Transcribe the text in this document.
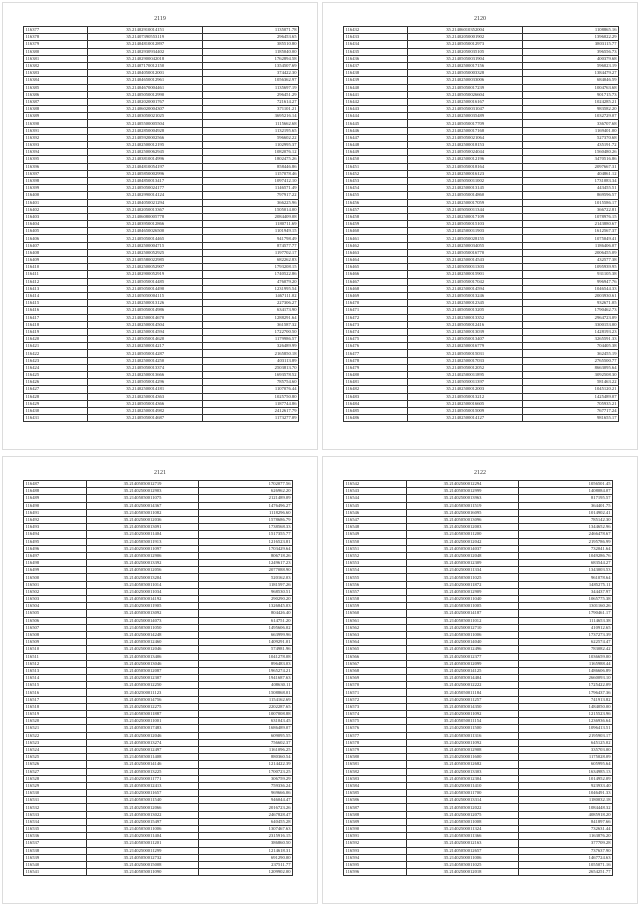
2119
116377	35.21402910014151	1135071.78
116378	35.21407390553119	296453.65
116379	35.21404810012897	385510.80
116380	35.21402930934402	1185040.00
116381	35.21402900042018	1762894.58
116382	35.21407170012150	1354507.69
116383	35.21404050012001	374422.30
116384	35.21404650012961	1056362.97
116385	35.21404670004461	1135697.19
116386	35.21405050012990	296451.29
116387	35.21402020001767	721614.27
116388	35.21406020004307	371101.21
116389	35.21403050021025	3695216.14
116390	35.21405500005504	1115662.68
116391	35.21402850004928	1132195.65
116392	35.21405920002566	596602.22
116393	35.21402500012195	1102995.37
116394	35.21402500062945	1082076.12
116395	35.21403810014996	1802475.26
116396	35.21404810054197	858446.86
116397	35.21405850002996	1157078.46
116398	35.21404850013417	1097412.10
116399	35.21405050024177	1146571.49
116400	35.21402990014124	797917.22
116401	35.21404050021294	366225.96
116402	35.21402050013367	1505014.00
116403	35.21406080005778	2084409.08
116404	35.21403950012866	1180711.69
116405	35.21404650026500	1101949.15
116406	35.21405050014465	941798.49
116407	35.21402500004715	874577.77
116408	35.21402500052925	1197702.17
116409	35.21405580022985	682262.83
116410	35.21402500052907	1793208.15
116411	35.21402900052919	1740522.86
116412	35.21405050014485	476079.20
116413	35.21405050014490	1231995.54
116414	35.21405050004115	1467111.02
116415	35.21402500013126	227306.27
116416	35.21405050014986	634173.90
116417	35.21402500014670	1288291.64
116418	35.21402500014504	361587.32
116419	35.21402500014594	1722700.50
116420	35.21405050014620	1179986.57
116421	35.21402500014217	326489.99
116422	35.21405050014287	2165850.18
116423	35.21402500014250	403113.89
116424	35.21405050013374	2503813.70
116425	35.21402500013666	1693578.52
116426	35.21405050014296	785754.60
116427	35.21402500014181	1107076.44
116428	35.21402500014363	1025750.80
116429	35.21405050014366	1187744.86
116430	35.21402500014982	2412617.79
116431	35.21405050014687	1173277.09
2120
116432	35.21406010352004	1108865.16
116433	35.21402050001902	1396022.29
116434	35.21405050012973	3803115.77
116435	35.21402050035105	396556.73
116436	35.21405050031904	400379.68
116437	35.21402500017156	596023.19
116438	35.21405050003328	1384479.27
116439	35.21402500033006	684046.59
116440	35.21405050017239	1004763.68
116441	35.21405050026604	901715.73
116442	35.21402500016167	1024285.21
116443	35.21405050031047	983582.20
116444	35.21402500035489	1032729.07
116445	35.21405050017709	336707.68
116446	35.21402500017168	1169401.00
116447	35.21405050021064	527370.68
116448	35.21402500018153	435191.72
116449	35.21405050024044	1560480.26
116450	35.21402500012196	3470516.86
116451	35.21405050018164	2097667.31
116452	35.21402500016123	404861.12
116453	35.21405050011002	1731083.34
116454	35.21402500013145	443455.51
116455	35.21405050014860	869596.57
116456	35.21402500017059	1015586.17
116457	35.21405050011344	366722.81
116458	35.21402500017109	1078976.15
116459	35.21405050015103	2143880.67
116460	35.21402500011903	1612567.37
116461	35.21405050028155	1075049.41
116462	35.21402500034055	1186406.07
116463	35.21405050016770	2006455.09
116464	35.21402500014543	432577.38
116465	35.21405050011303	1095939.95
116466	35.21402500015901	931105.38
116467	35.21405050017042	996947.76
116468	35.21402500014594	1046544.33
116469	35.21405050013246	2003930.61
116470	35.21402500012345	932671.05
116471	35.21405050013205	1790462.73
116472	35.21402500013352	2964723.09
116473	35.21405050012416	3300153.00
116474	35.21402500013039	1428193.23
116475	35.21405050013407	3265591.33
116476	35.21402500016779	704405.38
116477	35.21405050015031	362455.19
116478	35.21402500017033	2765500.77
116479	35.21405050012052	8663095.64
116480	35.21402500011895	3092508.30
116481	35.21405050011397	581463.22
116482	35.21402500012003	1045120.21
116483	35.21405050013212	1425489.07
116484	35.21402500016605	705935.21
116485	35.21405050015009	767717.24
116486	35.21402500014127	981655.17
2121
116487	35.21405050012719	1702077.56
116488	35.21402500012903	626962.20
116489	35.21405050011075	2121489.09
116490	35.21402500014367	1476496.27
116491	35.21405050011082	1118296.60
116492	35.21402500012036	1578686.79
116493	35.21405050013091	1738568.33
116494	35.21402500011404	1517355.77
116495	35.21405050011913	1216523.81
116496	35.21402500011097	1703429.64
116497	35.21405050012906	806718.26
116498	35.21402500013392	1249617.23
116499	35.21405050012056	2077088.90
116500	35.21402500013204	520162.03
116501	35.21405050011014	1181597.26
116502	35.21402500011034	968530.51
116503	35.21405050014192	290290.20
116504	35.21402500011905	1326845.03
116505	35.21405050013092	804426.40
116506	35.21402500014073	614751.20
116507	35.21405050011050	1495606.02
116508	35.21402500014248	663999.96
116509	35.21405050012460	1409291.01
116510	35.21402500012046	574981.96
116511	35.21405050013406	1041278.08
116512	35.21402500013046	896483.03
116513	35.21405050012087	1965274.21
116514	35.21402500012307	1941687.63
116515	35.21405050012250	408630.11
116516	35.21402500011123	1508868.01
116517	35.21405050014756	1154162.69
116518	35.21402500012275	2202287.65
116519	35.21405050011887	1007008.88
116520	35.21402500011001	631043.45
116521	35.21405050017483	1686489.07
116522	35.21402500012046	609095.55
116523	35.21405050013274	756602.37
116524	35.21402500012497	1161096.25
116525	35.21405050011408	880360.54
116526	35.21402500014146	1214422.39
116527	35.21405050013225	1700723.25
116528	35.21402500011771	306759.29
116529	35.21405050012413	759336.24
116530	35.21402500011657	969666.06
116531	35.21405050011540	946044.47
116532	35.21402500012066	2016723.26
116533	35.21405050013022	2467828.47
116534	35.21402500015497	640455.28
116535	35.21405050011006	1307467.63
116536	35.21402500011404	2315916.15
116537	35.21405050011201	386860.50
116538	35.21402500011299	1214618.31
116539	35.21405050012732	691290.00
116540	35.21402500015008	237511.77
116541	35.21405050011090	1209902.00
2122
116542	35.21402500012294	1056501.45
116543	35.21405050012999	1408084.07
116544	35.21402500013963	817195.57
116545	35.21405050011519	364401.75
116546	35.21402500016095	1014902.41
116547	35.21405050013096	785142.30
116548	35.21402500012003	1344652.96
116549	35.21405050011200	2466478.67
116550	35.21402500012042	2195786.99
116551	35.21405050014037	732041.64
116552	35.21402500012048	1049286.76
116553	35.21405050012309	683544.27
116554	35.21402500011334	1343003.53
116555	35.21405050011025	961078.64
116556	35.21402500011872	1485275.11
116557	35.21405050012909	344437.97
116558	35.21402500011040	1065775.38
116559	35.21405050011005	1301160.26
116560	35.21402500014187	1790461.17
116561	35.21405050011012	1114653.38
116562	35.21402500012710	410912.65
116563	35.21405050011006	1737273.39
116564	35.21402500014040	622574.47
116565	35.21405050012496	783082.42
116566	35.21402500012377	1036659.00
116567	35.21405050012099	1165988.44
116568	35.21402500014125	1486606.89
116569	35.21405050014404	2660093.10
116570	35.21402500012222	1725422.09
116571	35.21405050011184	1796437.36
116572	35.21402500011257	741913.82
116573	35.21405050014350	1484050.00
116574	35.21402500011092	1215523.96
116575	35.21405050011154	1236936.64
116576	35.21402500011500	1096413.51
116577	35.21405050011316	2195903.17
116578	35.21402500011092	645125.02
116579	35.21405050012908	335703.00
116580	35.21402500011600	1175028.09
116581	35.21405050012682	605995.64
116582	35.21402500013303	1634985.13
116583	35.21405050012304	1014952.09
116584	35.21402500011410	923933.40
116585	35.21405050011700	1046491.33
116586	35.21402500013314	1180032.18
116587	35.21405050012022	1084448.32
116588	35.21402500012075	4085918.20
116589	35.21405050011008	841897.66
116590	35.21402500011324	732631.44
116591	35.21405050011366	1163876.20
116592	35.21402500012163	377709.28
116593	35.21405050012657	737637.90
116594	35.21402500011006	1467724.63
116595	35.21405050011025	1055071.16
116596	35.21402500012018	2654251.77
